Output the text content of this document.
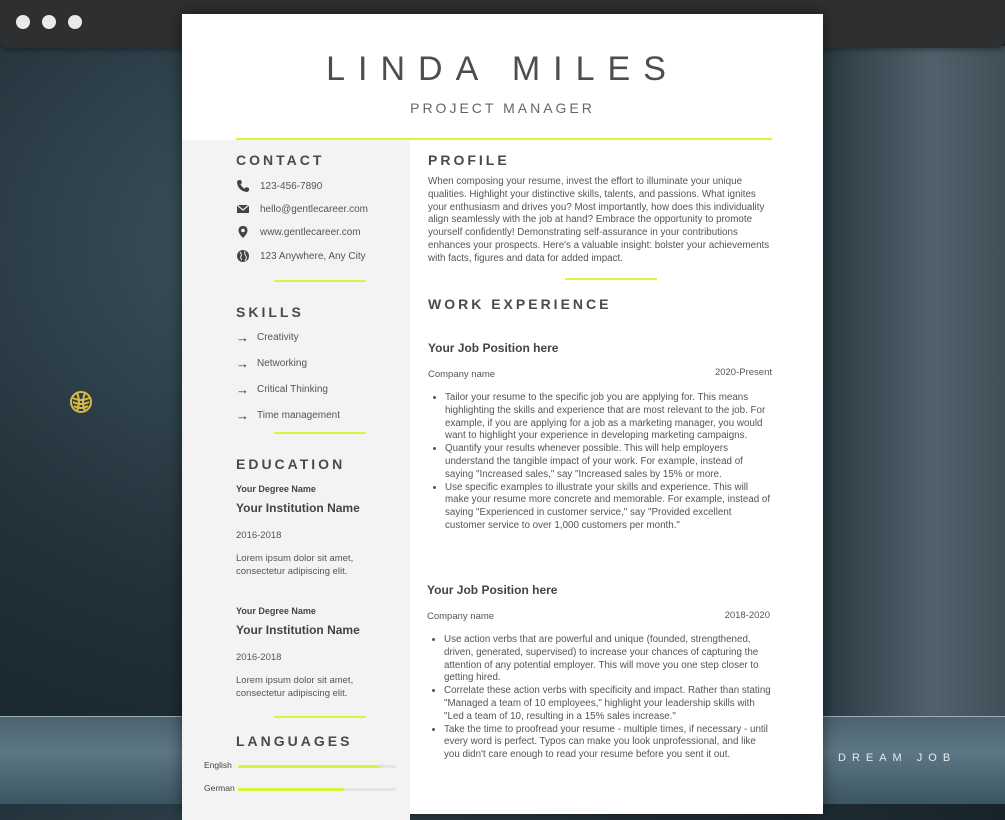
DREAM JOB
LINDA MILES
PROJECT MANAGER
CONTACT
123-456-7890
hello@gentlecareer.com
www.gentlecareer.com
123 Anywhere, Any City
SKILLS
→ Creativity
→ Networking
→ Critical Thinking
→ Time management
EDUCATION
Your Degree Name
Your Institution Name
2016-2018
Lorem ipsum dolor sit amet, consectetur adipiscing elit.
Your Degree Name
Your Institution Name
2016-2018
Lorem ipsum dolor sit amet, consectetur adipiscing elit.
LANGUAGES
English
German
PROFILE
When composing your resume, invest the effort to illuminate your unique qualities. Highlight your distinctive skills, talents, and passions. What ignites your enthusiasm and drives you? Most importantly, how does this individuality align seamlessly with the job at hand? Embrace the opportunity to promote yourself confidently! Demonstrating self-assurance in your contributions enhances your prospects. Here's a valuable insight: bolster your achievements with facts, figures and data for added impact.
WORK EXPERIENCE
Your Job Position here
Company name	2020-Present
• Tailor your resume to the specific job you are applying for. This means highlighting the skills and experience that are most relevant to the job. For example, if you are applying for a job as a marketing manager, you would want to highlight your experience in developing marketing campaigns.
• Quantify your results whenever possible. This will help employers understand the tangible impact of your work. For example, instead of saying "Increased sales," say "Increased sales by 15% or more.
• Use specific examples to illustrate your skills and experience. This will make your resume more concrete and memorable. For example, instead of saying "Experienced in customer service," say "Provided excellent customer service to over 1,000 customers per month."
Your Job Position here
Company name	2018-2020
• Use action verbs that are powerful and unique (founded, strengthened, driven, generated, supervised) to increase your chances of capturing the attention of any potential employer. This will move you one step closer to getting hired.
• Correlate these action verbs with specificity and impact. Rather than stating "Managed a team of 10 employees," highlight your leadership skills with "Led a team of 10, resulting in a 15% sales increase."
• Take the time to proofread your resume - multiple times, if necessary - until every word is perfect. Typos can make you look unprofessional, and like you didn't care enough to read your resume before you sent it out.
